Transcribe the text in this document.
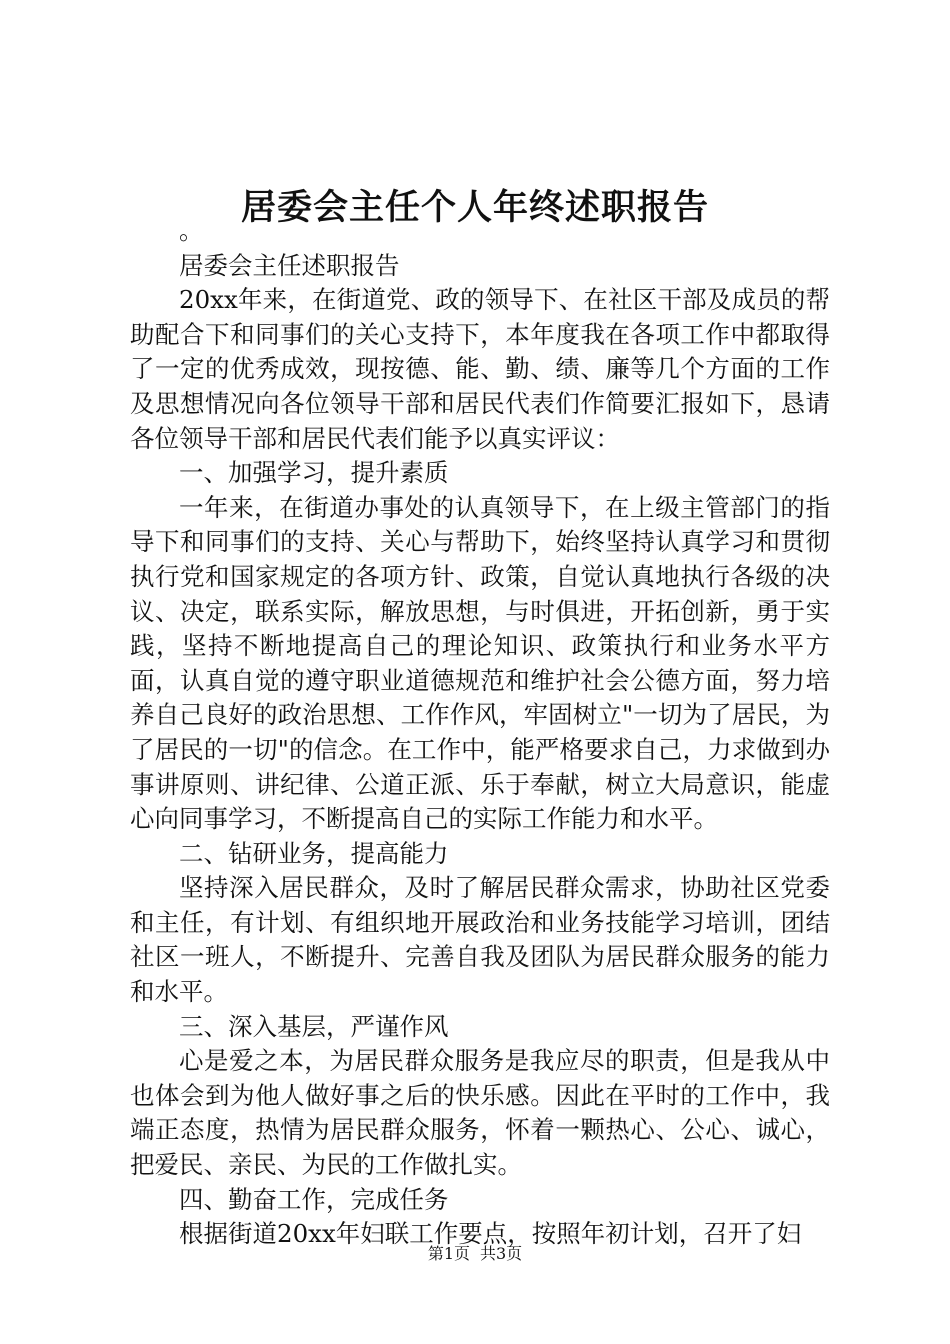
居委会主任个人年终述职报告

。

居委会主任述职报告

20xx年来，在街道党、政的领导下、在社区干部及成员的帮助配合下和同事们的关心支持下，本年度我在各项工作中都取得了一定的优秀成效，现按德、能、勤、绩、廉等几个方面的工作及思想情况向各位领导干部和居民代表们作简要汇报如下，恳请各位领导干部和居民代表们能予以真实评议：

一、加强学习，提升素质

一年来，在街道办事处的认真领导下，在上级主管部门的指导下和同事们的支持、关心与帮助下，始终坚持认真学习和贯彻执行党和国家规定的各项方针、政策，自觉认真地执行各级的决议、决定，联系实际，解放思想，与时俱进，开拓创新，勇于实践，坚持不断地提高自己的理论知识、政策执行和业务水平方面，认真自觉的遵守职业道德规范和维护社会公德方面，努力培养自己良好的政治思想、工作作风，牢固树立"一切为了居民，为了居民的一切"的信念。在工作中，能严格要求自己，力求做到办事讲原则、讲纪律、公道正派、乐于奉献，树立大局意识，能虚心向同事学习，不断提高自己的实际工作能力和水平。

二、钻研业务，提高能力

坚持深入居民群众，及时了解居民群众需求，协助社区党委和主任，有计划、有组织地开展政治和业务技能学习培训，团结社区一班人，不断提升、完善自我及团队为居民群众服务的能力和水平。

三、深入基层，严谨作风

心是爱之本，为居民群众服务是我应尽的职责，但是我从中也体会到为他人做好事之后的快乐感。因此在平时的工作中，我端正态度，热情为居民群众服务，怀着一颗热心、公心、诚心，把爱民、亲民、为民的工作做扎实。

四、勤奋工作，完成任务

根据街道20xx年妇联工作要点，按照年初计划，召开了妇

第1页 共3页
